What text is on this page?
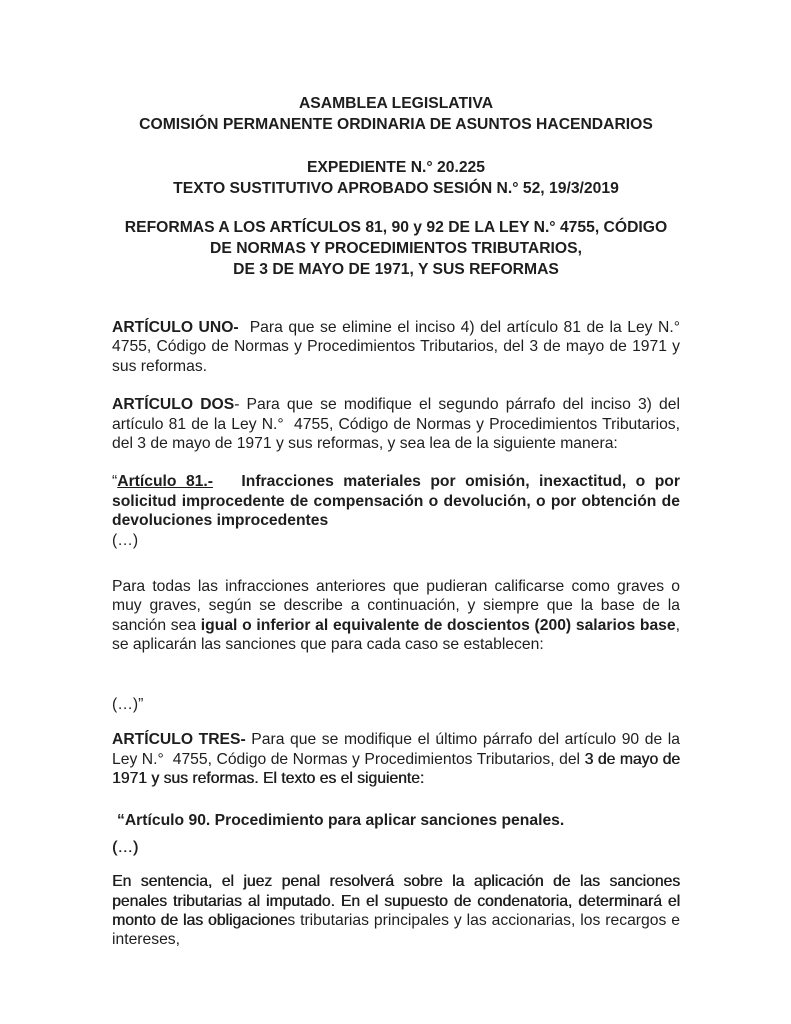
ASAMBLEA LEGISLATIVA
COMISIÓN PERMANENTE ORDINARIA DE ASUNTOS HACENDARIOS
EXPEDIENTE N.° 20.225
TEXTO SUSTITUTIVO APROBADO SESIÓN N.° 52, 19/3/2019
REFORMAS A LOS ARTÍCULOS 81, 90 y 92 DE LA LEY N.° 4755, CÓDIGO
DE NORMAS Y PROCEDIMIENTOS TRIBUTARIOS,
DE 3 DE MAYO DE 1971, Y SUS REFORMAS

ARTÍCULO UNO-  Para que se elimine el inciso 4) del artículo 81 de la Ley N.° 4755, Código de Normas y Procedimientos Tributarios, del 3 de mayo de 1971 y sus reformas.

ARTÍCULO DOS- Para que se modifique el segundo párrafo del inciso 3) del artículo 81 de la Ley N.°  4755, Código de Normas y Procedimientos Tributarios, del 3 de mayo de 1971 y sus reformas, y sea lea de la siguiente manera:

“Artículo 81.-   Infracciones materiales por omisión, inexactitud, o por solicitud improcedente de compensación o devolución, o por obtención de devoluciones improcedentes

(…)

Para todas las infracciones anteriores que pudieran calificarse como graves o muy graves, según se describe a continuación, y siempre que la base de la sanción sea igual o inferior al equivalente de doscientos (200) salarios base, se aplicarán las sanciones que para cada caso se establecen:

(…)”

ARTÍCULO TRES- Para que se modifique el último párrafo del artículo 90 de la Ley N.°  4755, Código de Normas y Procedimientos Tributarios, del 3 de mayo de 1971 y sus reformas. El texto es el siguiente:

“Artículo 90. Procedimiento para aplicar sanciones penales.

(…)

En sentencia, el juez penal resolverá sobre la aplicación de las sanciones penales tributarias al imputado. En el supuesto de condenatoria, determinará el monto de las obligaciones tributarias principales y las accionarias, los recargos e intereses,
